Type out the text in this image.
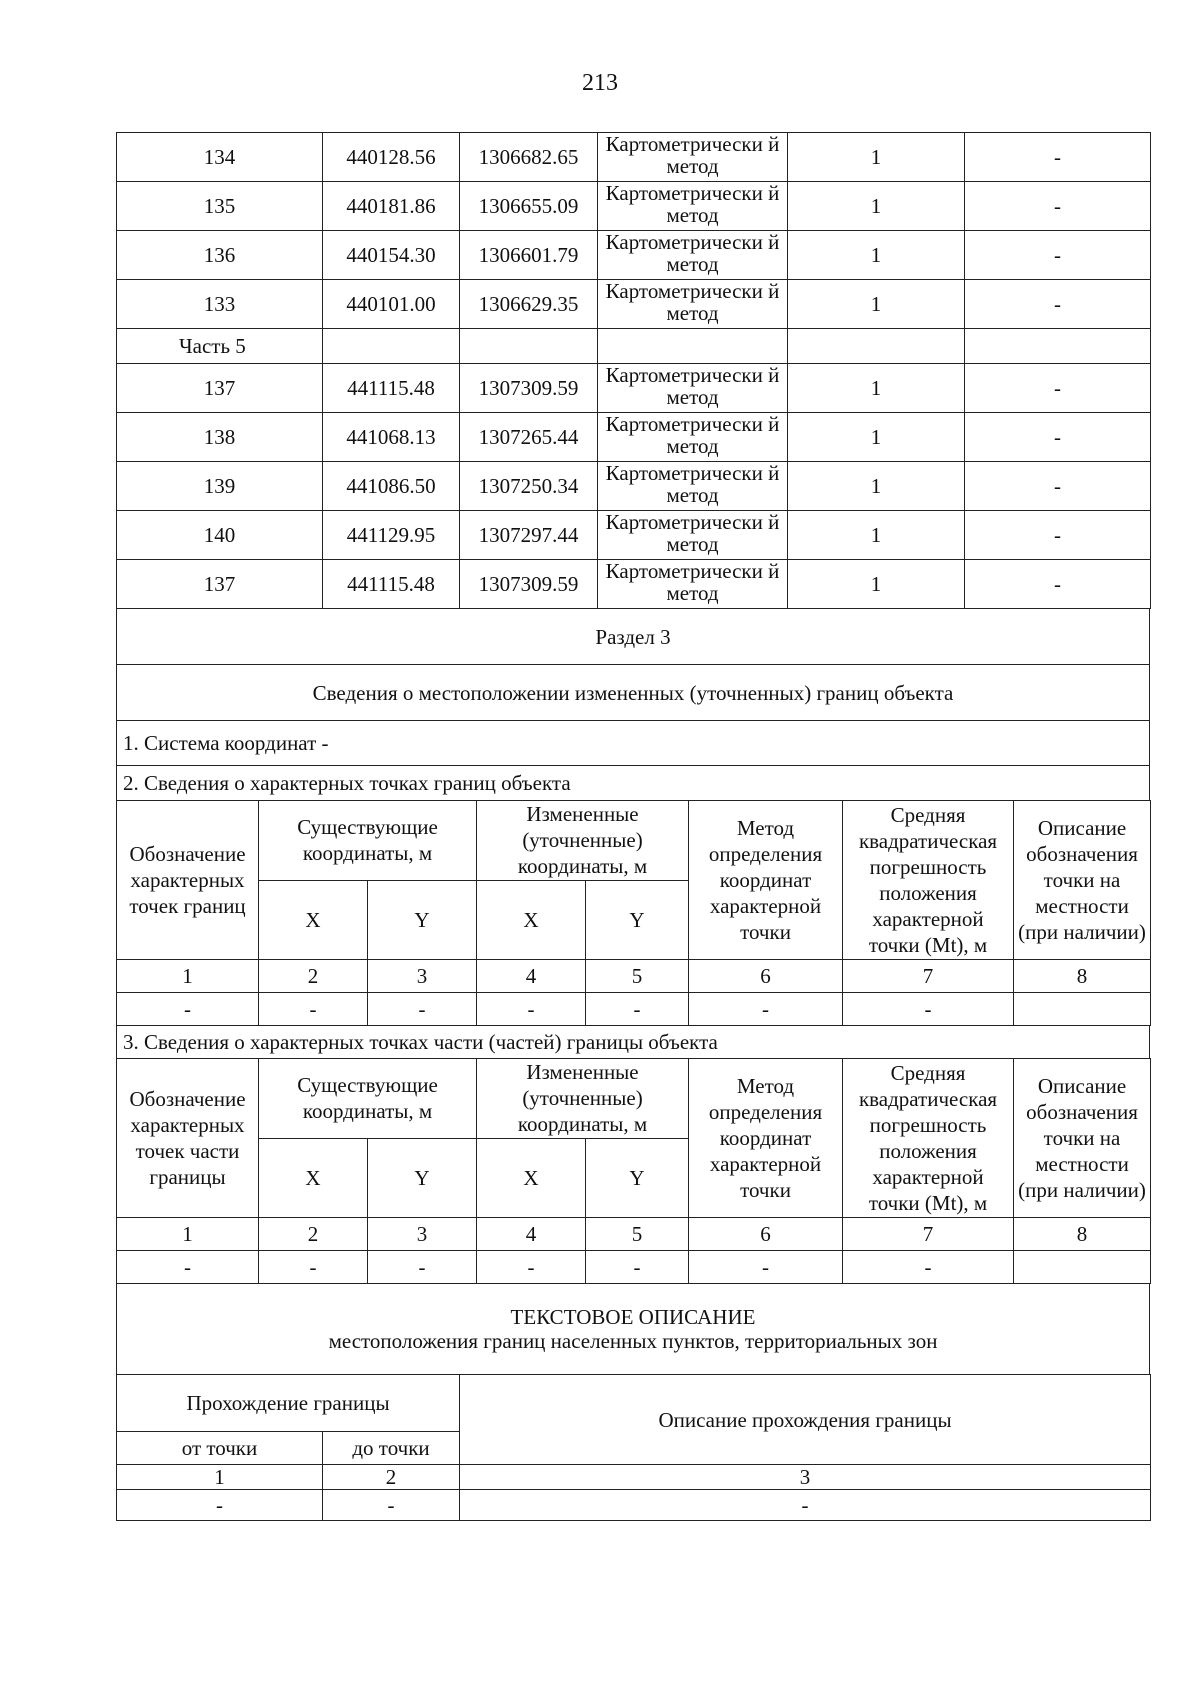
213
134	440128.56	1306682.65	Картометрически й метод	1	-
135	440181.86	1306655.09	Картометрически й метод	1	-
136	440154.30	1306601.79	Картометрически й метод	1	-
133	440101.00	1306629.35	Картометрически й метод	1	-
Часть 5					
137	441115.48	1307309.59	Картометрически й метод	1	-
138	441068.13	1307265.44	Картометрически й метод	1	-
139	441086.50	1307250.34	Картометрически й метод	1	-
140	441129.95	1307297.44	Картометрически й метод	1	-
137	441115.48	1307309.59	Картометрически й метод	1	-
Раздел 3
Сведения о местоположении измененных (уточненных) границ объекта
1. Система координат -
2. Сведения о характерных точках границ объекта
Обозначение характерных точек границ	Существующие координаты, м		Измененные (уточненные) координаты, м		Метод определения координат характерной точки	Средняя квадратическая погрешность положения характерной точки (Mt), м	Описание обозначения точки на местности (при наличии)
	X	Y	X	Y			
1	2	3	4	5	6	7	8
-	-	-	-	-	-	-	
3. Сведения о характерных точках части (частей) границы объекта
Обозначение характерных точек части границы	Существующие координаты, м		Измененные (уточненные) координаты, м		Метод определения координат характерной точки	Средняя квадратическая погрешность положения характерной точки (Mt), м	Описание обозначения точки на местности (при наличии)
	X	Y	X	Y			
1	2	3	4	5	6	7	8
-	-	-	-	-	-	-	
ТЕКСТОВОЕ ОПИСАНИЕ
местоположения границ населенных пунктов, территориальных зон
Прохождение границы		Описание прохождения границы
от точки	до точки	
1	2	3
-	-	-
